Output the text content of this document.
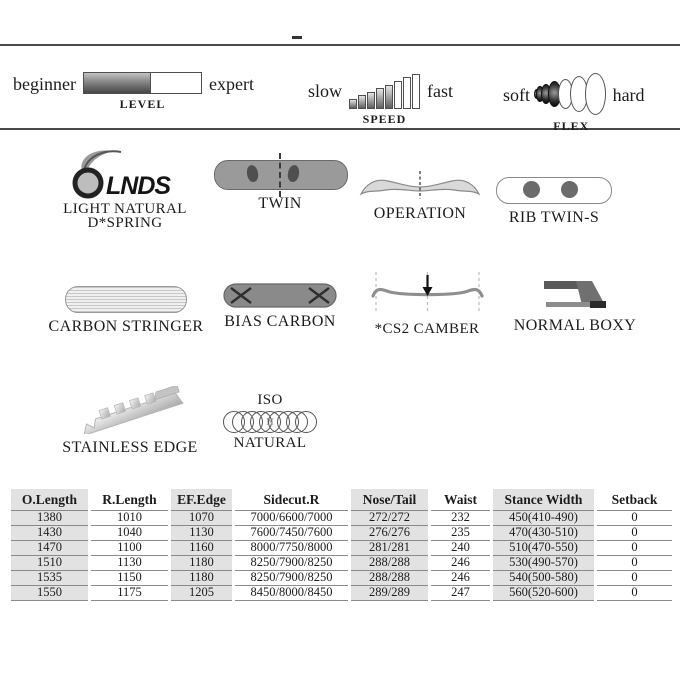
beginner
LEVEL
expert	slow
SPEED
fast	soft
FLEX
hard
LNDS
LIGHT NATURAL
D*SPRING
TWIN
OPERATION	RIB TWIN-S
CARBON STRINGER BIAS CARBON	*CS2 CAMBER NORMAL BOXY
STAINLESS EDGE
ISO
N
NATURAL
O.Length	R.Length	EF.Edge	Sidecut.R	Nose/Tail	Waist	Stance Width	Setback
1380	1010	1070	7000/6600/7000	272/272	232	450(410-490)	0
1430	1040	1130	7600/7450/7600	276/276	235	470(430-510)	0
1470	1100	1160	8000/7750/8000	281/281	240	510(470-550)	0
1510	1130	1180	8250/7900/8250	288/288	246	530(490-570)	0
1535	1150	1180	8250/7900/8250	288/288	246	540(500-580)	0
1550	1175	1205	8450/8000/8450	289/289	247	560(520-600)	0
